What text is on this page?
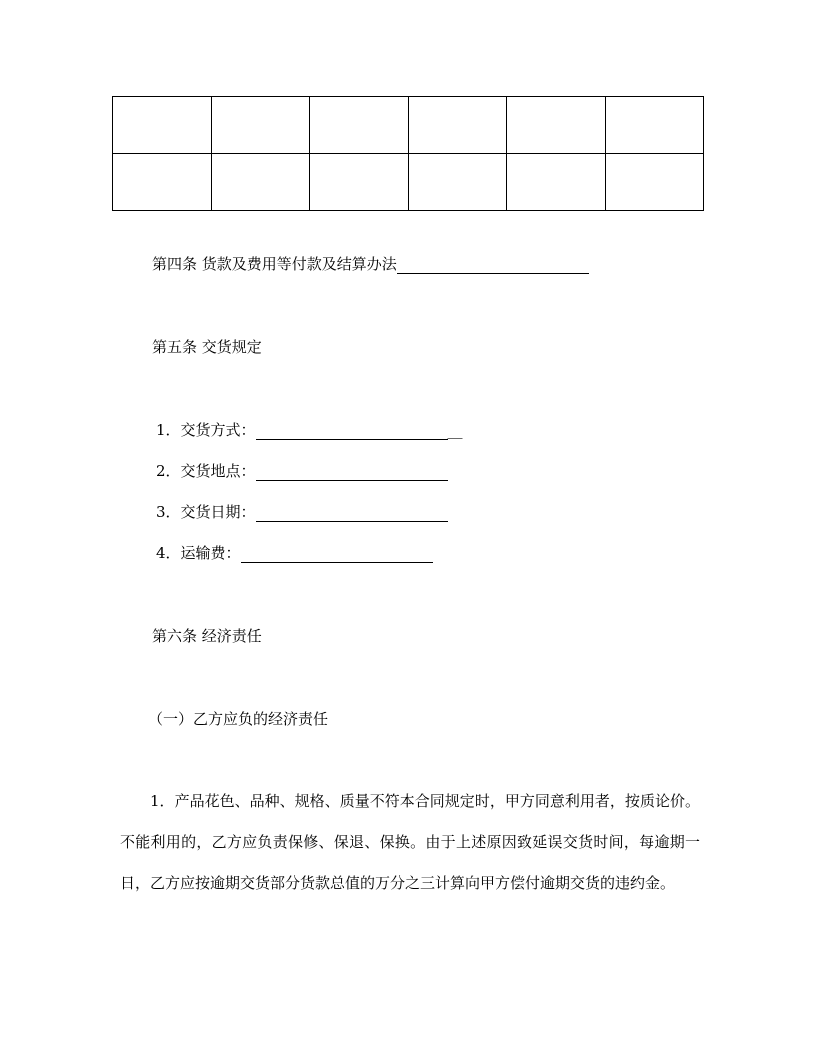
第四条 货款及费用等付款及结算办法
第五条 交货规定
1．交货方式：	__
2．交货地点：
3．交货日期：
4．运输费：
第六条 经济责任
（一）乙方应负的经济责任
1．产品花色、品种、规格、质量不符本合同规定时，甲方同意利用者，按质论价。不能利用的，乙方应负责保修、保退、保换。由于上述原因致延误交货时间，每逾期一日，乙方应按逾期交货部分货款总值的万分之三计算向甲方偿付逾期交货的违约金。
